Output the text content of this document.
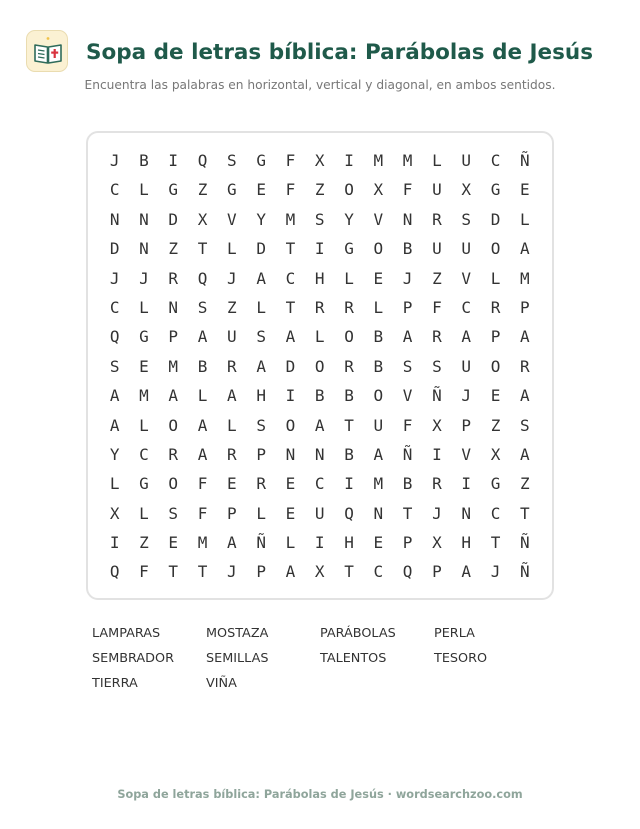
Sopa de letras bíblica: Parábolas de Jesús
Encuentra las palabras en horizontal, vertical y diagonal, en ambos sentidos.
J	B	I	Q	S	G	F	X	I	M	M	L	U	C	Ñ
C	L	G	Z	G	E	F	Z	O	X	F	U	X	G	E
N	N	D	X	V	Y	M	S	Y	V	N	R	S	D	L
D	N	Z	T	L	D	T	I	G	O	B	U	U	O	A
J	J	R	Q	J	A	C	H	L	E	J	Z	V	L	M
C	L	N	S	Z	L	T	R	R	L	P	F	C	R	P
Q	G	P	A	U	S	A	L	O	B	A	R	A	P	A
S	E	M	B	R	A	D	O	R	B	S	S	U	O	R
A	M	A	L	A	H	I	B	B	O	V	Ñ	J	E	A
A	L	O	A	L	S	O	A	T	U	F	X	P	Z	S
Y	C	R	A	R	P	N	N	B	A	Ñ	I	V	X	A
L	G	O	F	E	R	E	C	I	M	B	R	I	G	Z
X	L	S	F	P	L	E	U	Q	N	T	J	N	C	T
I	Z	E	M	A	Ñ	L	I	H	E	P	X	H	T	Ñ
Q	F	T	T	J	P	A	X	T	C	Q	P	A	J	Ñ
LAMPARAS	MOSTAZA	PARÁBOLAS	PERLA
SEMBRADOR	SEMILLAS	TALENTOS	TESORO
TIERRA	VIÑA
Sopa de letras bíblica: Parábolas de Jesús · wordsearchzoo.com
